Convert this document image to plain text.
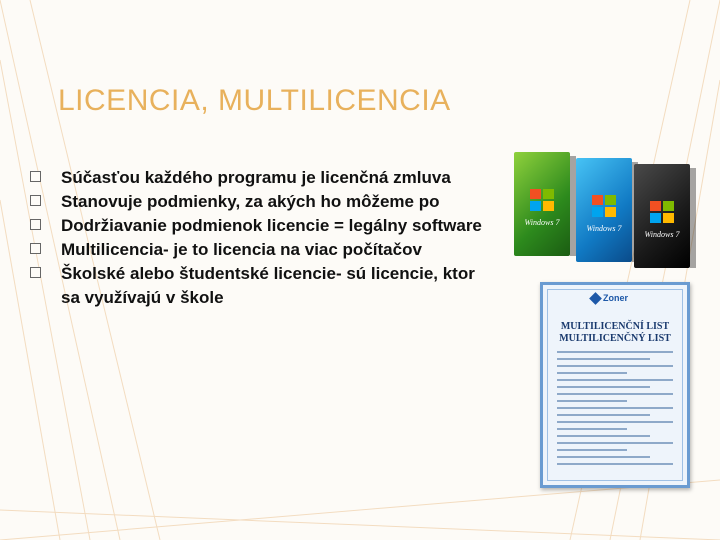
LICENCIA, MULTILICENCIA
Súčasťou každého programu je licenčná zmluva
Stanovuje podmienky, za akých ho môžeme po
Dodržiavanie podmienok licencie = legálny software
Multilicencia- je to licencia na viac počítačov
Školské alebo študentské licencie- sú licencie, ktor
sa využívajú v škole
Windows 7
Windows 7
Windows 7
Zoner
MULTILICENČNÍ LIST
MULTILICENČNÝ LIST
